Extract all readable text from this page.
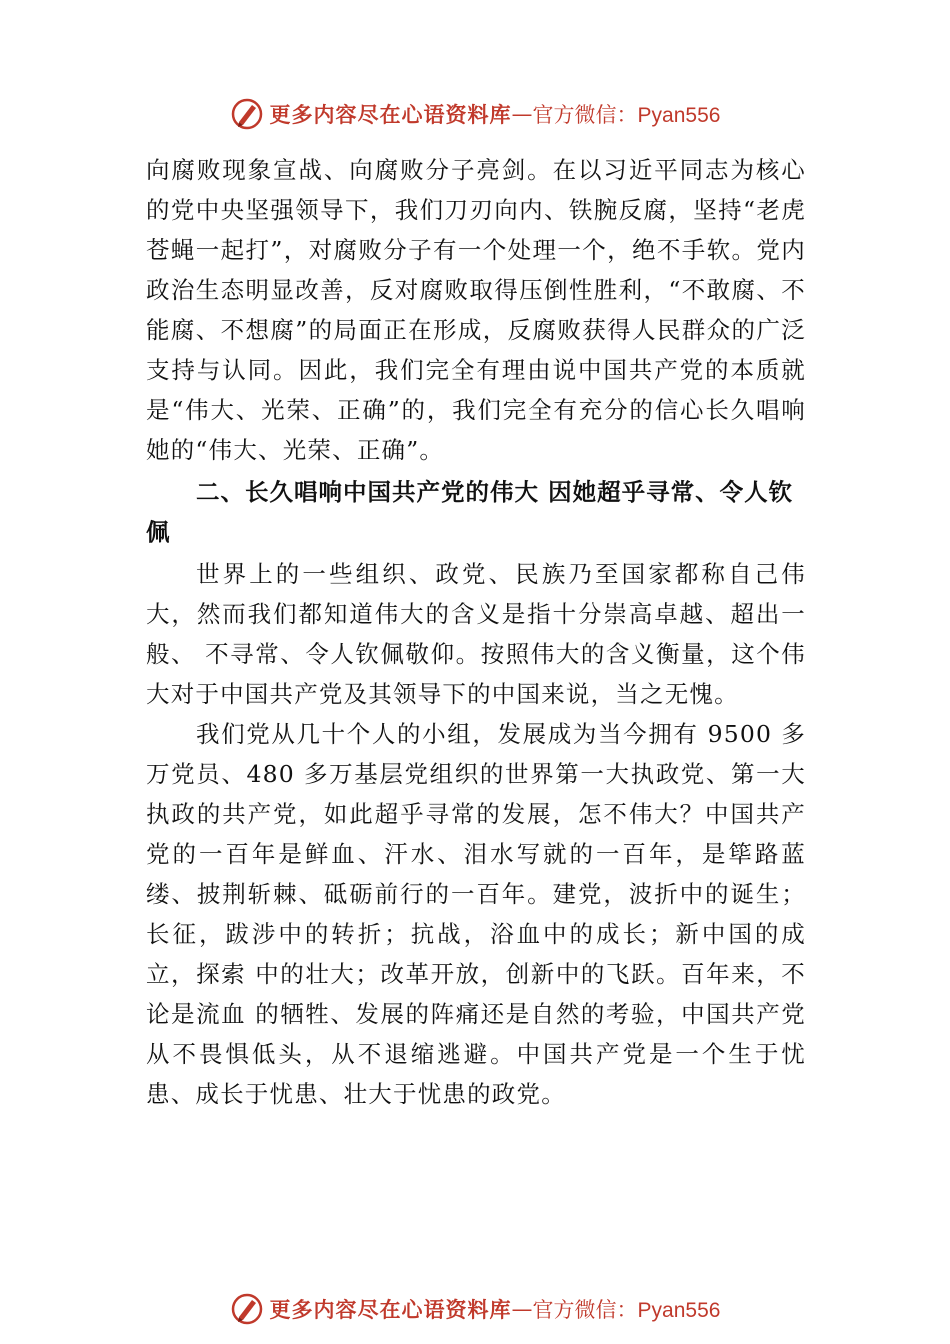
更多内容尽在心语资料库 — 官方微信：Pyan556

向腐败现象宣战、向腐败分子亮剑。在以习近平同志为核心的党中央坚强领导下，我们刀刃向内、铁腕反腐，坚持“老虎苍蝇一起打”，对腐败分子有一个处理一个，绝不手软。党内政治生态明显改善，反对腐败取得压倒性胜利，“不敢腐、不能腐、不想腐”的局面正在形成，反腐败获得人民群众的广泛支持与认同。因此，我们完全有理由说中国共产党的本质就是“伟大、光荣、正确”的，我们完全有充分的信心长久唱响她的“伟大、光荣、正确”。

二、长久唱响中国共产党的伟大 因她超乎寻常、令人钦佩

世界上的一些组织、政党、民族乃至国家都称自己伟大，然而我们都知道伟大的含义是指十分崇高卓越、超出一般、 不寻常、令人钦佩敬仰。按照伟大的含义衡量，这个伟大对于中国共产党及其领导下的中国来说，当之无愧。

我们党从几十个人的小组，发展成为当今拥有 9500 多万党员、480 多万基层党组织的世界第一大执政党、第一大执政的共产党，如此超乎寻常的发展，怎不伟大？中国共产党的一百年是鲜血、汗水、泪水写就的一百年，是筚路蓝缕、披荆斩棘、砥砺前行的一百年。建党，波折中的诞生；长征，跋涉中的转折；抗战，浴血中的成长；新中国的成立，探索 中的壮大；改革开放，创新中的飞跃。百年来，不论是流血 的牺牲、发展的阵痛还是自然的考验，中国共产党从不畏惧低头，从不退缩逃避。中国共产党是一个生于忧患、成长于忧患、壮大于忧患的政党。

更多内容尽在心语资料库 — 官方微信：Pyan556
